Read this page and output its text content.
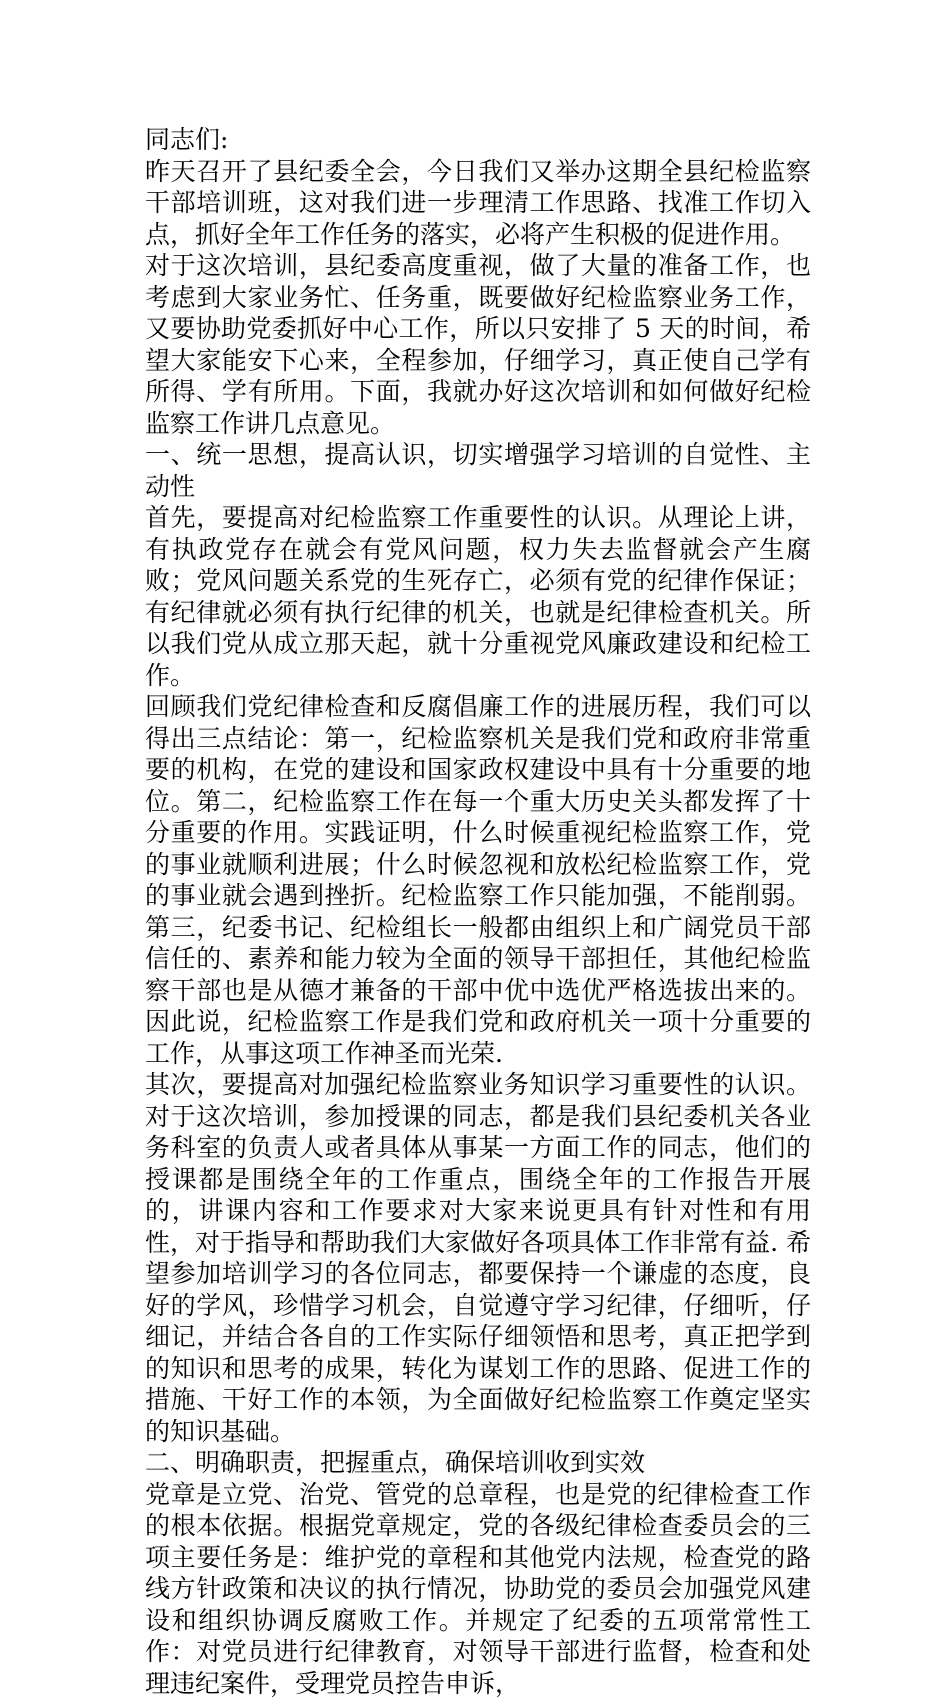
同志们:

昨天召开了县纪委全会，今日我们又举办这期全县纪检监察干部培训班，这对我们进一步理清工作思路、找准工作切入点，抓好全年工作任务的落实，必将产生积极的促进作用。

对于这次培训，县纪委高度重视，做了大量的准备工作，也考虑到大家业务忙、任务重，既要做好纪检监察业务工作，又要协助党委抓好中心工作，所以只安排了 5 天的时间，希望大家能安下心来，全程参加，仔细学习，真正使自己学有所得、学有所用。下面，我就办好这次培训和如何做好纪检监察工作讲几点意见。

一、统一思想，提高认识，切实增强学习培训的自觉性、主动性

首先，要提高对纪检监察工作重要性的认识。从理论上讲，有执政党存在就会有党风问题，权力失去监督就会产生腐败；党风问题关系党的生死存亡，必须有党的纪律作保证；有纪律就必须有执行纪律的机关，也就是纪律检查机关。所以我们党从成立那天起，就十分重视党风廉政建设和纪检工作。

回顾我们党纪律检查和反腐倡廉工作的进展历程，我们可以得出三点结论：第一，纪检监察机关是我们党和政府非常重要的机构，在党的建设和国家政权建设中具有十分重要的地位。第二，纪检监察工作在每一个重大历史关头都发挥了十分重要的作用。实践证明，什么时候重视纪检监察工作，党的事业就顺利进展；什么时候忽视和放松纪检监察工作，党的事业就会遇到挫折。纪检监察工作只能加强，不能削弱。第三，纪委书记、纪检组长一般都由组织上和广阔党员干部信任的、素养和能力较为全面的领导干部担任，其他纪检监察干部也是从德才兼备的干部中优中选优严格选拔出来的。因此说，纪检监察工作是我们党和政府机关一项十分重要的工作，从事这项工作神圣而光荣.

其次，要提高对加强纪检监察业务知识学习重要性的认识。对于这次培训，参加授课的同志，都是我们县纪委机关各业务科室的负责人或者具体从事某一方面工作的同志，他们的授课都是围绕全年的工作重点，围绕全年的工作报告开展的，讲课内容和工作要求对大家来说更具有针对性和有用性，对于指导和帮助我们大家做好各项具体工作非常有益. 希望参加培训学习的各位同志，都要保持一个谦虚的态度，良好的学风，珍惜学习机会，自觉遵守学习纪律，仔细听，仔细记，并结合各自的工作实际仔细领悟和思考，真正把学到的知识和思考的成果，转化为谋划工作的思路、促进工作的措施、干好工作的本领，为全面做好纪检监察工作奠定坚实的知识基础。

二、明确职责，把握重点，确保培训收到实效

党章是立党、治党、管党的总章程，也是党的纪律检查工作的根本依据。根据党章规定，党的各级纪律检查委员会的三项主要任务是：维护党的章程和其他党内法规，检查党的路线方针政策和决议的执行情况，协助党的委员会加强党风建设和组织协调反腐败工作。并规定了纪委的五项常常性工作：对党员进行纪律教育，对领导干部进行监督，检查和处理违纪案件，受理党员控告申诉，
